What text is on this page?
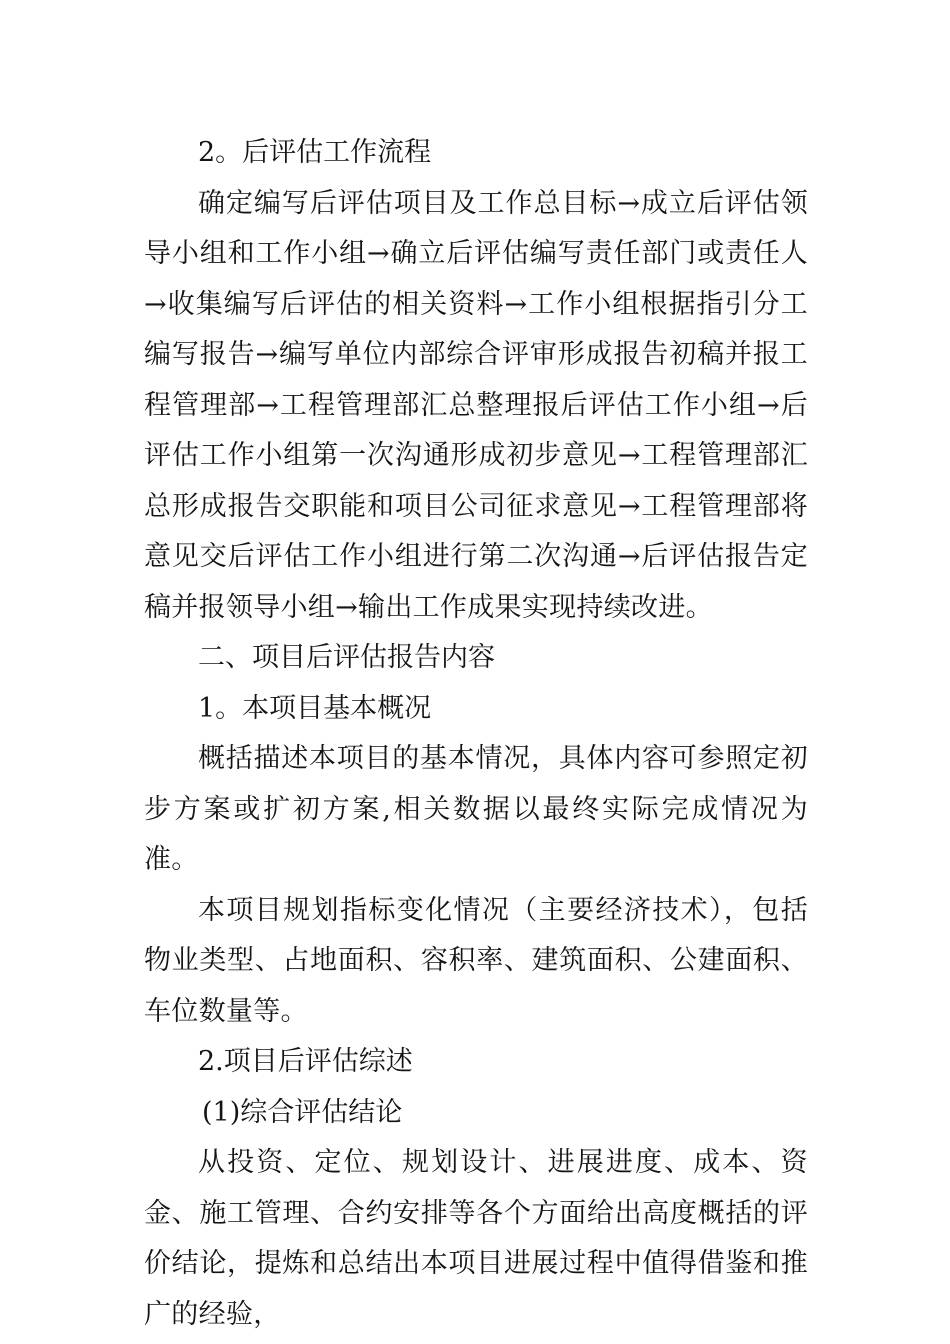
2。后评估工作流程

确定编写后评估项目及工作总目标→成立后评估领导小组和工作小组→确立后评估编写责任部门或责任人→收集编写后评估的相关资料→工作小组根据指引分工编写报告→编写单位内部综合评审形成报告初稿并报工程管理部→工程管理部汇总整理报后评估工作小组→后评估工作小组第一次沟通形成初步意见→工程管理部汇总形成报告交职能和项目公司征求意见→工程管理部将意见交后评估工作小组进行第二次沟通→后评估报告定稿并报领导小组→输出工作成果实现持续改进。

二、项目后评估报告内容

1。本项目基本概况

概括描述本项目的基本情况，具体内容可参照定初步方案或扩初方案,相关数据以最终实际完成情况为准。

本项目规划指标变化情况（主要经济技术），包括物业类型、占地面积、容积率、建筑面积、公建面积、车位数量等。

2.项目后评估综述

(1)综合评估结论

从投资、定位、规划设计、进展进度、成本、资金、施工管理、合约安排等各个方面给出高度概括的评价结论，提炼和总结出本项目进展过程中值得借鉴和推广的经验，
